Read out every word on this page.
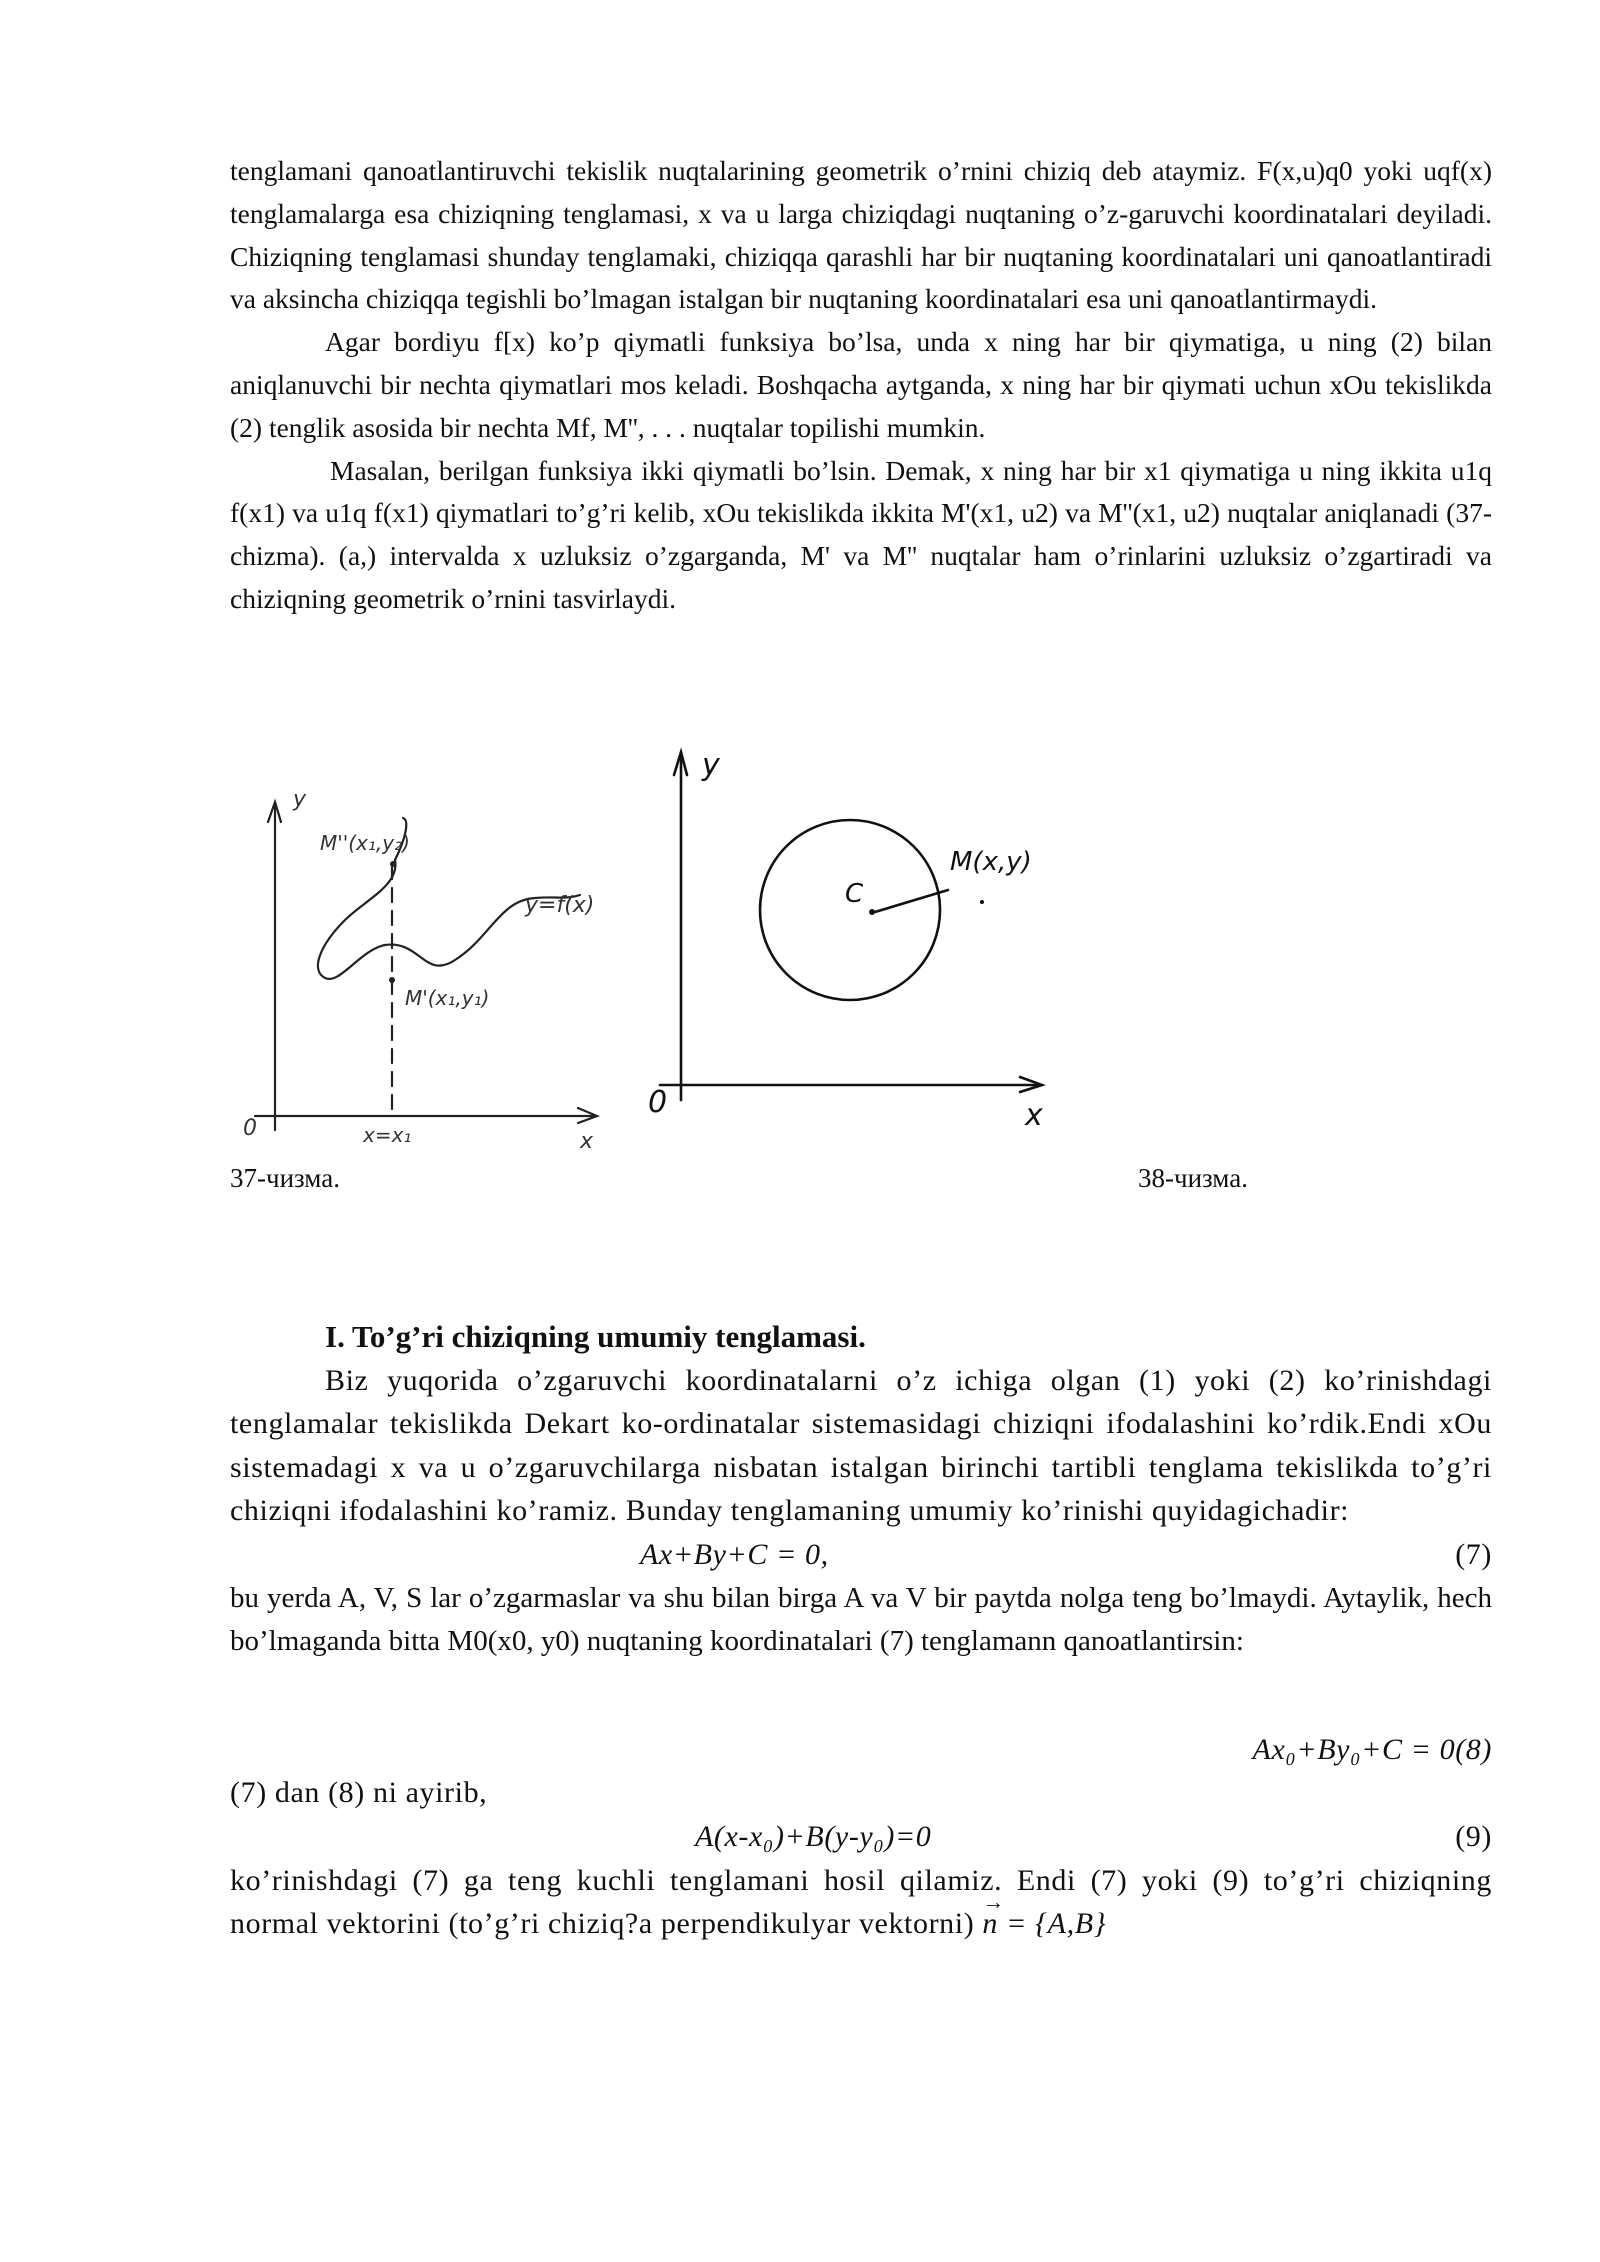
tenglamani qanoatlantiruvchi tekislik nuqtalarining geometrik o’rnini chiziq deb ataymiz. F(x,u)q0 yoki uqf(x) tenglamalarga esa chiziqning tenglamasi, x va u larga chiziqdagi nuqtaning o’z-garuvchi koordinatalari deyiladi. Chiziqning tenglamasi shunday tenglamaki, chiziqqa qarashli har bir nuqtaning koordinatalari uni qanoatlantiradi va aksincha chiziqqa tegishli bo’lmagan istalgan bir nuqtaning koordinatalari esa uni qanoatlantirmaydi.

Agar bordiyu f[x) ko’p qiymatli funksiya bo’lsa, unda x ning har bir qiymatiga, u ning (2) bilan aniqlanuvchi bir nechta qiymatlari mos keladi. Boshqacha aytganda, x ning har bir qiymati uchun xOu tekislikda (2) tenglik asosida bir nechta Mf, M'', . . . nuqtalar topilishi mumkin.

Masalan, berilgan funksiya ikki qiymatli bo’lsin. Demak, x ning har bir x1 qiymatiga u ning ikkita u1q f(x1) va u1q f(x1) qiymatlari to’g’ri kelib, xOu tekislikda ikkita M'(x1, u2) va M''(x1, u2) nuqtalar aniqlanadi (37- chizma). (a,) intervalda x uzluksiz o’zgarganda, M' va M'' nuqtalar ham o’rinlarini uzluksiz o’zgartiradi va chiziqning geometrik o’rnini tasvirlaydi.

y
M''(x₁,y₂)
y=f(x)
M'(x₁,y₁)
0	x=x₁	x
37-чизма.
y
C
M(x,y)
0	x
38-чизма.
I. To’g’ri chiziqning umumiy tenglamasi.

Biz yuqorida o’zgaruvchi koordinatalarni o’z ichiga olgan (1) yoki (2) ko’rinishdagi tenglamalar tekislikda Dekart ko-ordinatalar sistemasidagi chiziqni ifodalashini ko’rdik.Endi xOu sistemadagi x va u o’zgaruvchilarga nisbatan istalgan birinchi tartibli tenglama tekislikda to’g’ri chiziqni ifodalashini ko’ramiz. Bunday tenglamaning umumiy ko’rinishi quyidagichadir:

Ax+By+C = 0,	(7)

bu yerda A, V, S lar o’zgarmaslar va shu bilan birga A va V bir paytda nolga teng bo’lmaydi. Aytaylik, hech bo’lmaganda bitta M0(x0, y0) nuqtaning koordinatalari (7) tenglamann qanoatlantirsin:

Ax₀+By₀+C = 0(8)

(7) dan (8) ni ayirib,

A(x-x₀)+B(y-y₀)=0	(9)

ko’rinishdagi (7) ga teng kuchli tenglamani hosil qilamiz. Endi (7) yoki (9) to’g’ri chiziqning normal vektorini (to’g’ri chiziq?a perpendikulyar vektorni)
→
n = {A,B}
